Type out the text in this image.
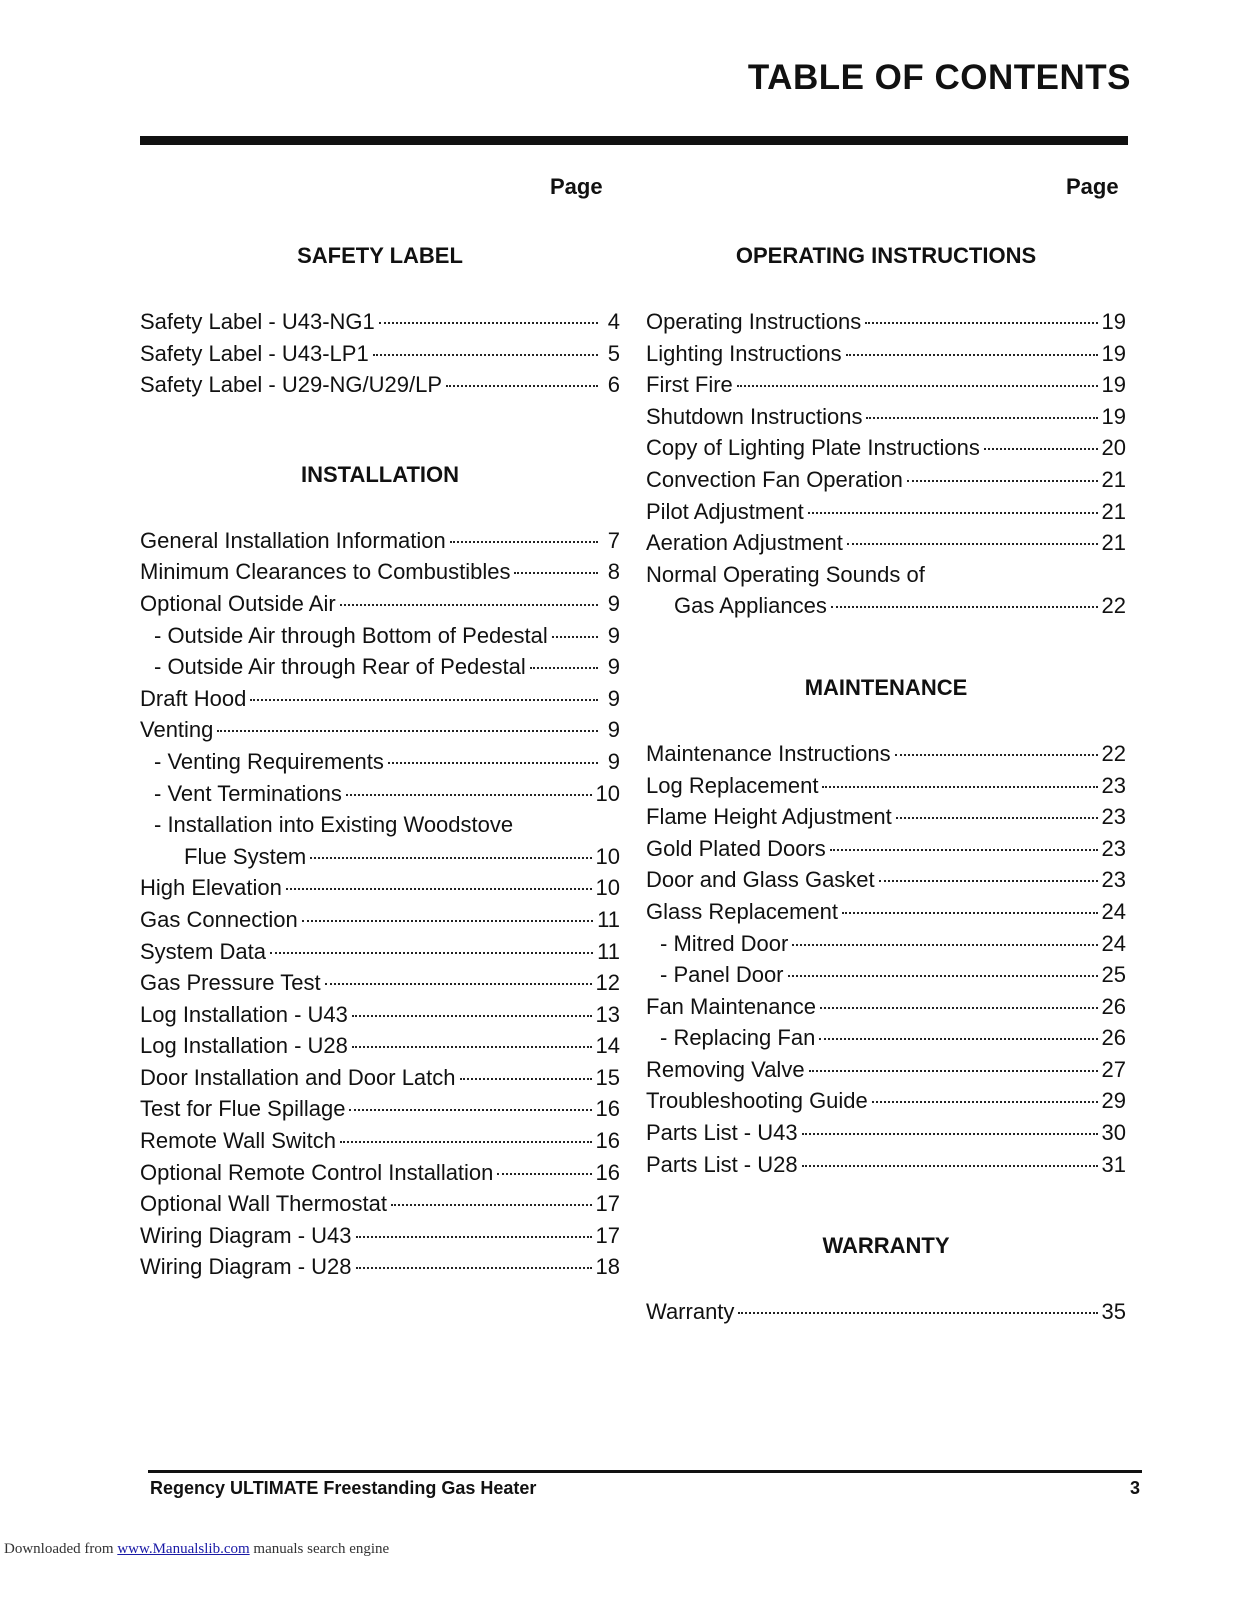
TABLE OF CONTENTS
Page	Page
SAFETY LABEL
Safety Label - U43-NG1	4
Safety Label - U43-LP1	5
Safety Label - U29-NG/U29/LP	6
INSTALLATION
General Installation Information	7
Minimum Clearances to Combustibles	8
Optional Outside Air	9
- Outside Air through Bottom of Pedestal	9
- Outside Air through Rear of Pedestal	9
Draft Hood	9
Venting	9
- Venting Requirements	9
- Vent Terminations	10
- Installation into Existing Woodstove
Flue System	10
High Elevation	10
Gas Connection	11
System Data	11
Gas Pressure Test	12
Log Installation - U43	13
Log Installation - U28	14
Door Installation and Door Latch	15
Test for Flue Spillage	16
Remote Wall Switch	16
Optional Remote Control Installation	16
Optional Wall Thermostat	17
Wiring Diagram - U43	17
Wiring Diagram - U28	18
OPERATING INSTRUCTIONS
Operating Instructions	19
Lighting Instructions	19
First Fire	19
Shutdown Instructions	19
Copy of Lighting Plate Instructions	20
Convection Fan Operation	21
Pilot Adjustment	21
Aeration Adjustment	21
Normal Operating Sounds of
Gas Appliances	22
MAINTENANCE
Maintenance Instructions	22
Log Replacement	23
Flame Height Adjustment	23
Gold Plated Doors	23
Door and Glass Gasket	23
Glass Replacement	24
- Mitred Door	24
- Panel Door	25
Fan Maintenance	26
- Replacing Fan	26
Removing Valve	27
Troubleshooting Guide	29
Parts List - U43	30
Parts List - U28	31
WARRANTY
Warranty	35
Regency ULTIMATE Freestanding Gas Heater	3
Downloaded from www.Manualslib.com manuals search engine
